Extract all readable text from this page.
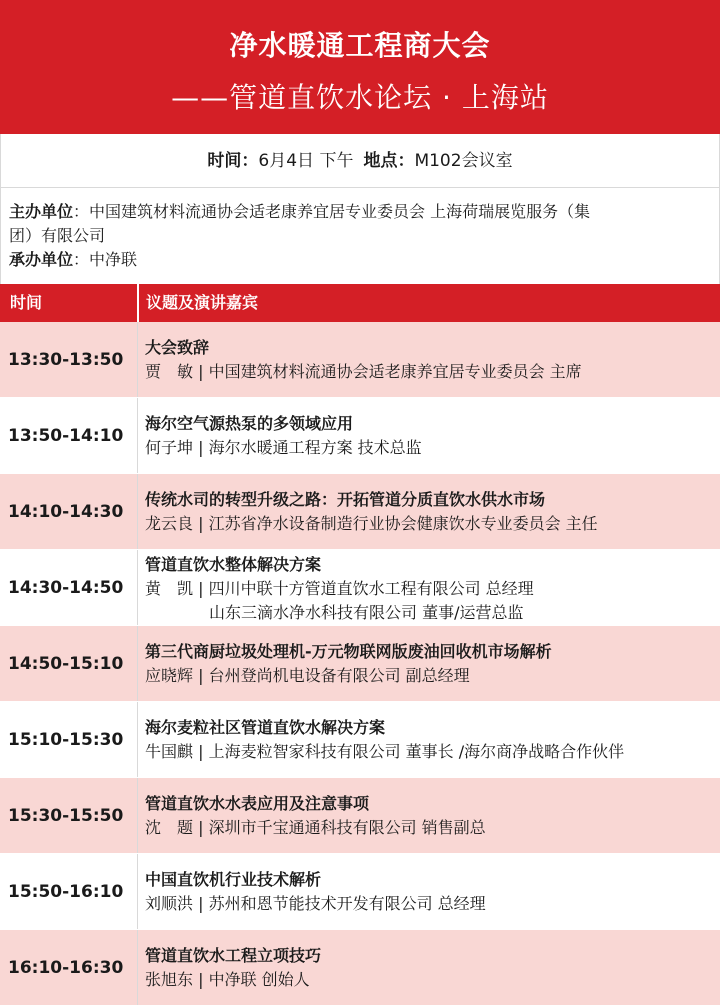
净水暖通工程商大会
——管道直饮水论坛 · 上海站
时间：6月4日 下午 地点：M102会议室
主办单位：中国建筑材料流通协会适老康养宜居专业委员会 上海荷瑞展览服务（集
团）有限公司
承办单位：中净联
时间	议题及演讲嘉宾
13:30-13:50
大会致辞
贾　敏 | 中国建筑材料流通协会适老康养宜居专业委员会 主席
13:50-14:10
海尔空气源热泵的多领域应用
何子坤 | 海尔水暖通工程方案 技术总监
14:10-14:30
传统水司的转型升级之路：开拓管道分质直饮水供水市场
龙云良 | 江苏省净水设备制造行业协会健康饮水专业委员会 主任
14:30-14:50
管道直饮水整体解决方案
黄　凯 | 四川中联十方管道直饮水工程有限公司 总经理
山东三滴水净水科技有限公司 董事/运营总监
14:50-15:10
第三代商厨垃圾处理机-万元物联网版废油回收机市场解析
应晓辉 | 台州登尚机电设备有限公司 副总经理
15:10-15:30
海尔麦粒社区管道直饮水解决方案
牛国麒 | 上海麦粒智家科技有限公司 董事长 /海尔商净战略合作伙伴
15:30-15:50
管道直饮水水表应用及注意事项
沈　题 | 深圳市千宝通通科技有限公司 销售副总
15:50-16:10
中国直饮机行业技术解析
刘顺洪 | 苏州和恩节能技术开发有限公司 总经理
16:10-16:30
管道直饮水工程立项技巧
张旭东 | 中净联 创始人
